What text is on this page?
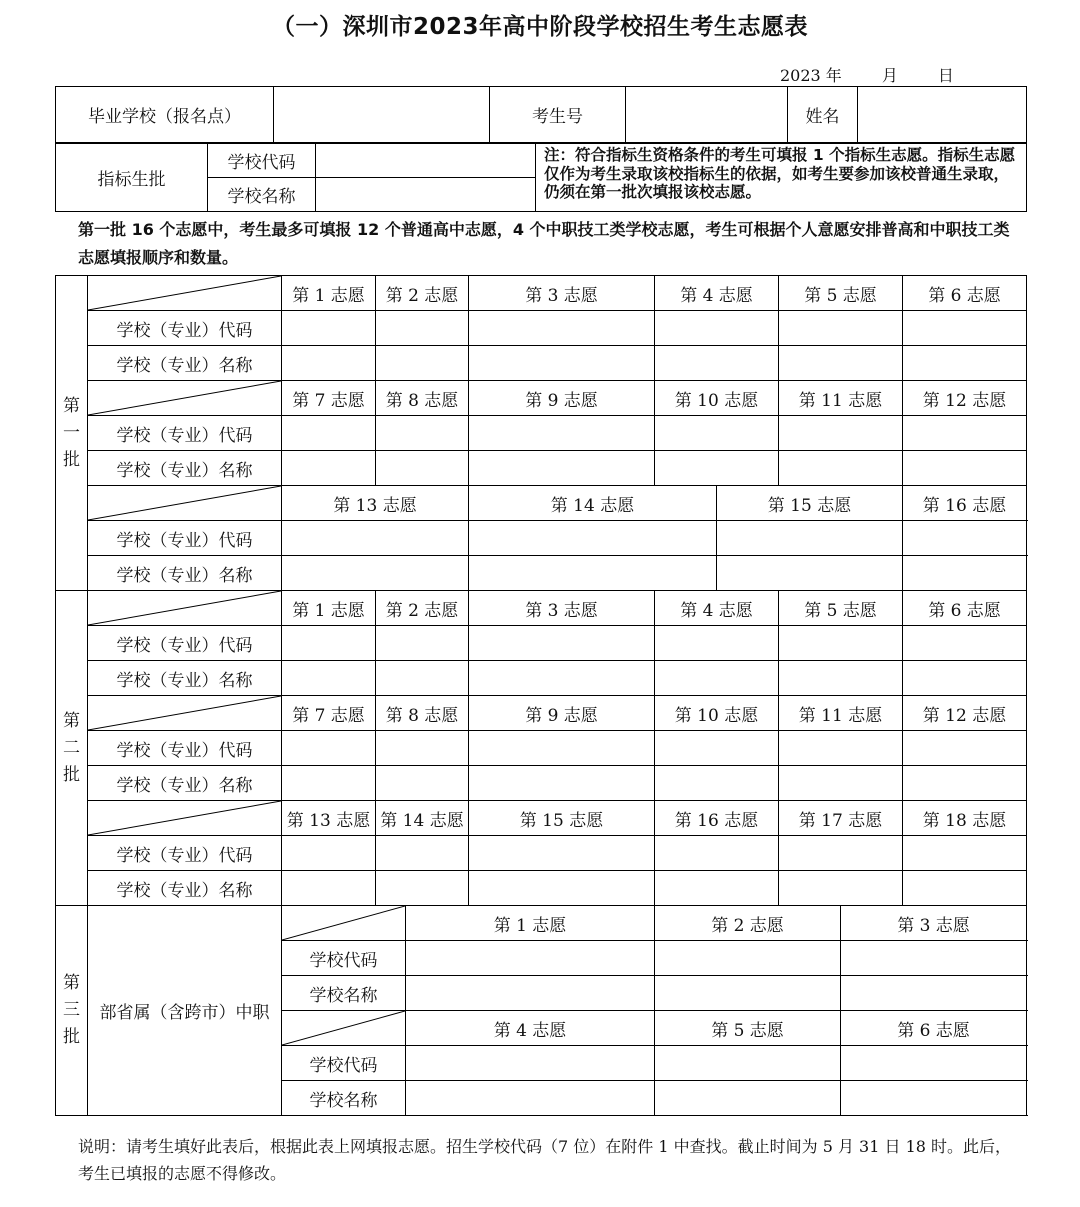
（一）深圳市2023年高中阶段学校招生考生志愿表
2023 年	月	日
毕业学校（报名点）		考生号		姓名	
指标生批	学校代码		注：符合指标生资格条件的考生可填报 1 个指标生志愿。指标生志愿仅作为考生录取该校指标生的依据，如考生要参加该校普通生录取，仍须在第一批次填报该校志愿。
	学校名称		
第一批 16 个志愿中，考生最多可填报 12 个普通高中志愿，4 个中职技工类学校志愿，考生可根据个人意愿安排普高和中职技工类志愿填报顺序和数量。
第一批		第 1 志愿	第 2 志愿		第 3 志愿	第 4 志愿		第 5 志愿		第 6 志愿
	学校（专业）代码									
	学校（专业）名称									

	第 7 志愿	第 8 志愿		第 9 志愿	第 10 志愿		第 11 志愿		第 12 志愿
	学校（专业）代码									
	学校（专业）名称									

	第 13 志愿			第 14 志愿		第 15 志愿			第 16 志愿
	学校（专业）代码									
	学校（专业）名称									
第二批		第 1 志愿	第 2 志愿		第 3 志愿	第 4 志愿		第 5 志愿		第 6 志愿
	学校（专业）代码									
	学校（专业）名称									

	第 7 志愿	第 8 志愿		第 9 志愿	第 10 志愿		第 11 志愿		第 12 志愿
	学校（专业）代码									
	学校（专业）名称									

	第 13 志愿	第 14 志愿		第 15 志愿	第 16 志愿		第 17 志愿		第 18 志愿
	学校（专业）代码									
	学校（专业）名称									
第三批	部省属（含跨市）中职			第 1 志愿		第 2 志愿			第 3 志愿	
		学校代码								
		学校名称								

	第 4 志愿		第 5 志愿			第 6 志愿	
		学校代码								
		学校名称								
说明：请考生填好此表后，根据此表上网填报志愿。招生学校代码（7 位）在附件 1 中查找。截止时间为 5 月 31 日 18 时。此后，考生已填报的志愿不得修改。
